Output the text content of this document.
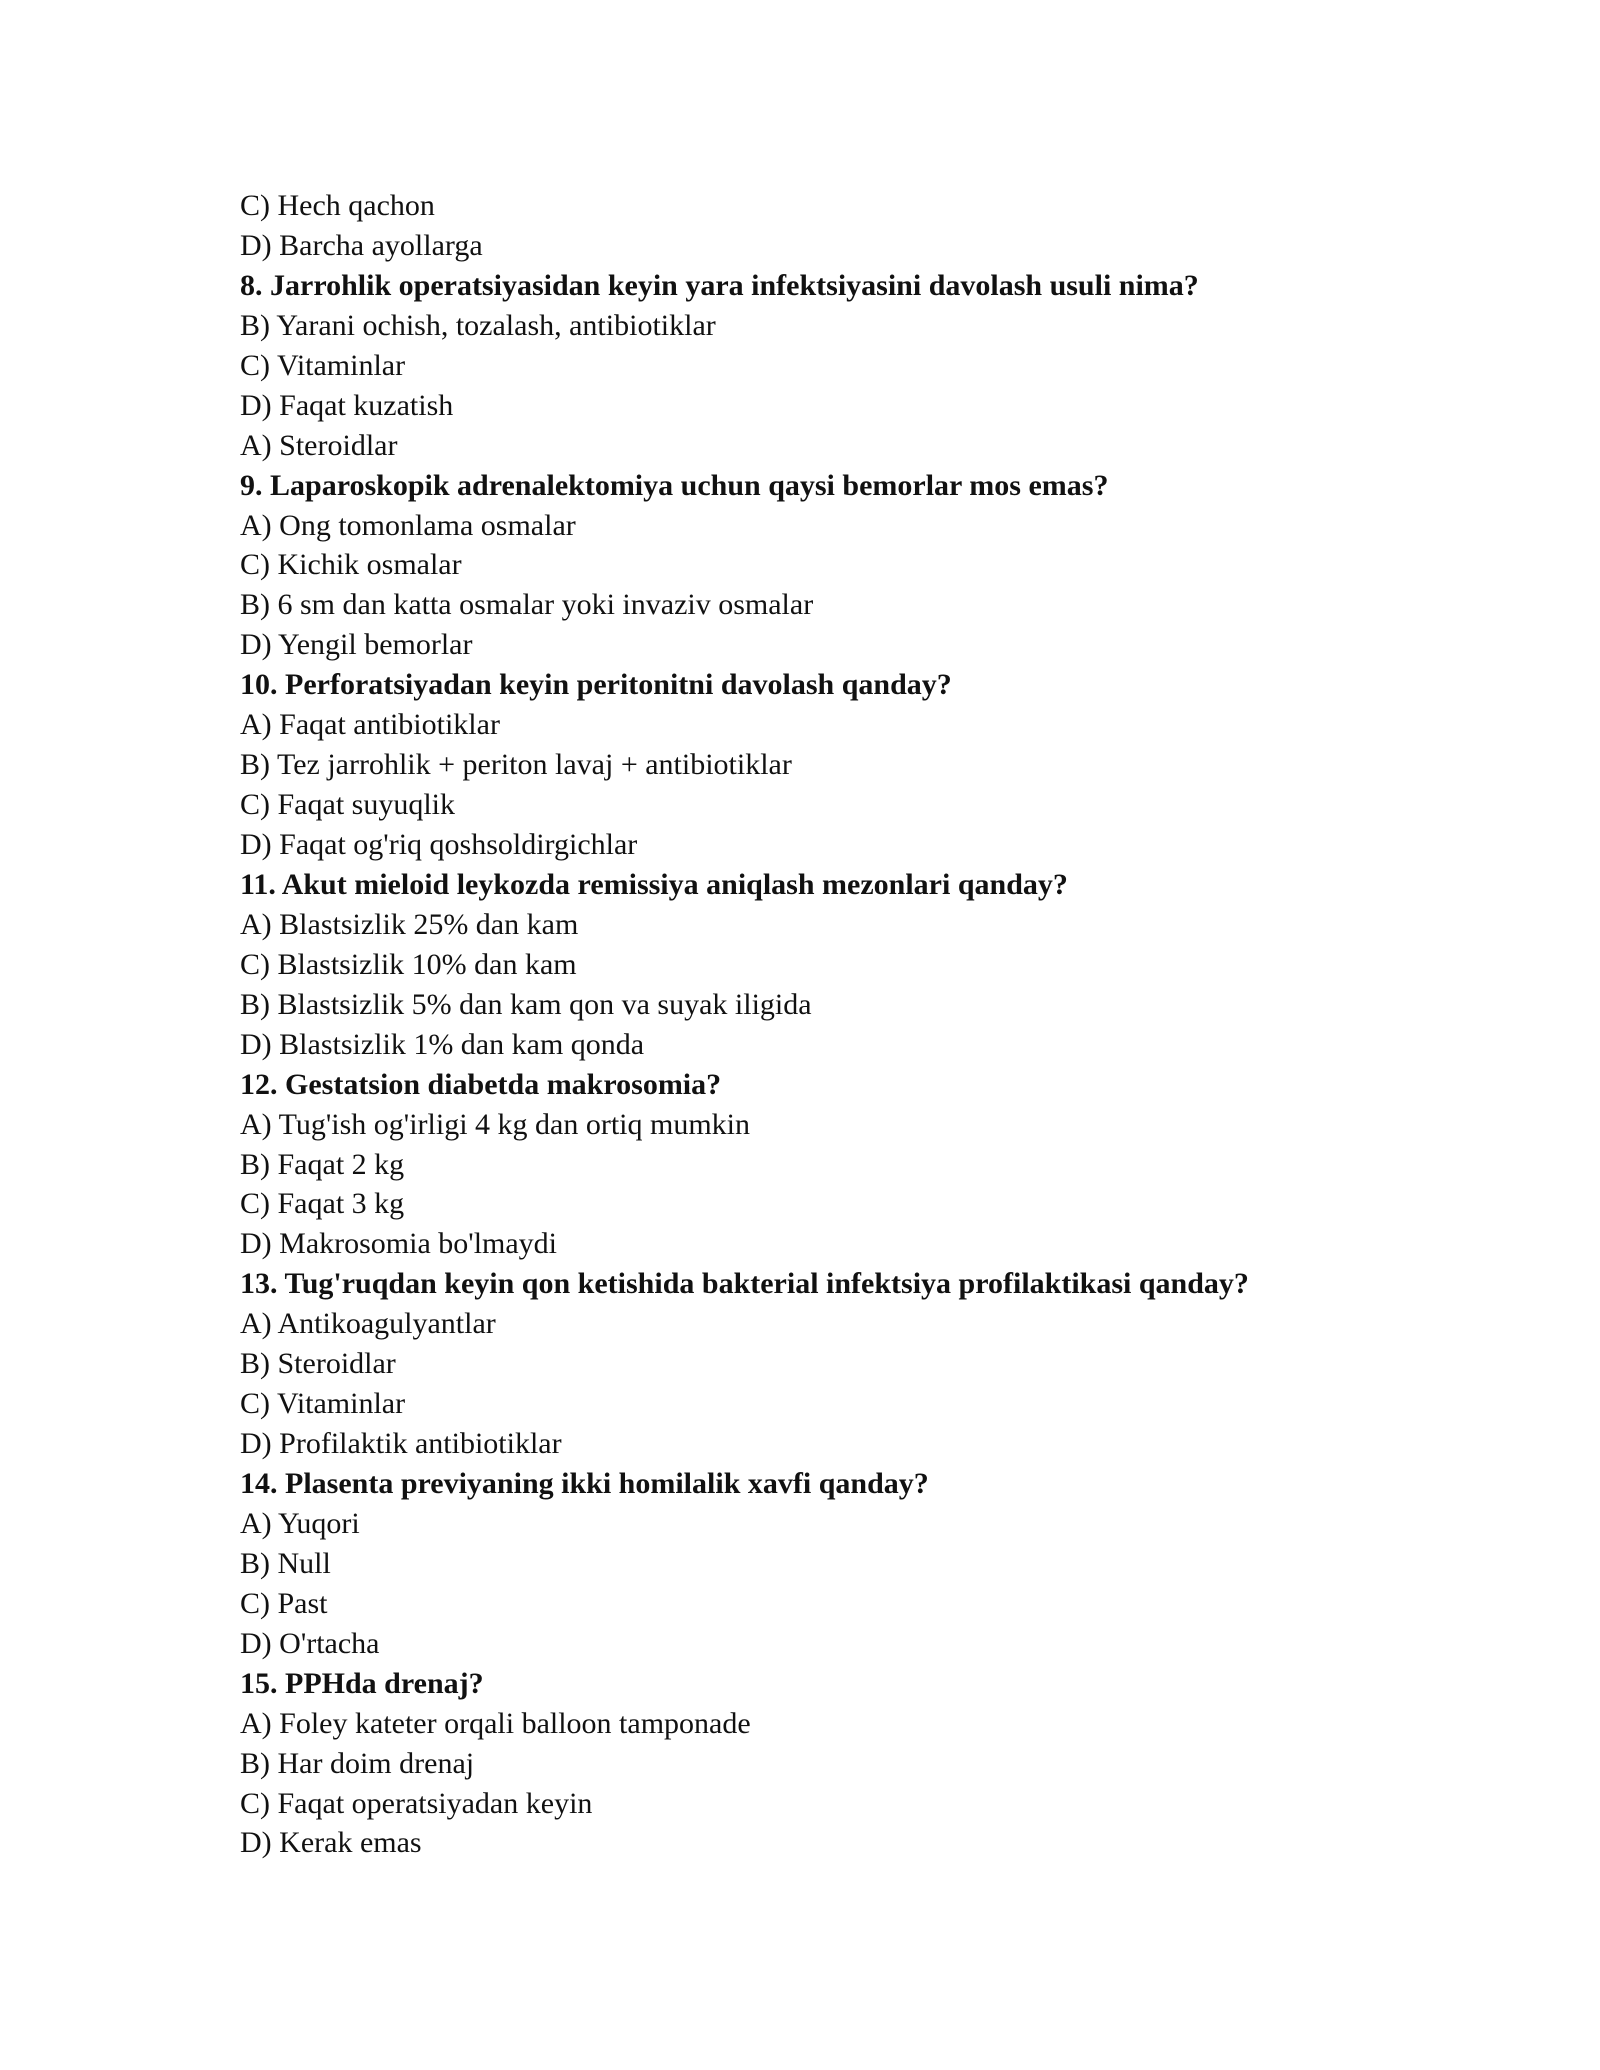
C) Hech qachon
D) Barcha ayollarga
8. Jarrohlik operatsiyasidan keyin yara infektsiyasini davolash usuli nima?
B) Yarani ochish, tozalash, antibiotiklar
C) Vitaminlar
D) Faqat kuzatish
A) Steroidlar
9. Laparoskopik adrenalektomiya uchun qaysi bemorlar mos emas?
A) Ong tomonlama osmalar
C) Kichik osmalar
B) 6 sm dan katta osmalar yoki invaziv osmalar
D) Yengil bemorlar
10. Perforatsiyadan keyin peritonitni davolash qanday?
A) Faqat antibiotiklar
B) Tez jarrohlik + periton lavaj + antibiotiklar
C) Faqat suyuqlik
D) Faqat og'riq qoshsoldirgichlar
11. Akut mieloid leykozda remissiya aniqlash mezonlari qanday?
A) Blastsizlik 25% dan kam
C) Blastsizlik 10% dan kam
B) Blastsizlik 5% dan kam qon va suyak iligida
D) Blastsizlik 1% dan kam qonda
12. Gestatsion diabetda makrosomia?
A) Tug'ish og'irligi 4 kg dan ortiq mumkin
B) Faqat 2 kg
C) Faqat 3 kg
D) Makrosomia bo'lmaydi
13. Tug'ruqdan keyin qon ketishida bakterial infektsiya profilaktikasi qanday?
A) Antikoagulyantlar
B) Steroidlar
C) Vitaminlar
D) Profilaktik antibiotiklar
14. Plasenta previyaning ikki homilalik xavfi qanday?
A) Yuqori
B) Null
C) Past
D) O'rtacha
15. PPHda drenaj?
A) Foley kateter orqali balloon tamponade
B) Har doim drenaj
C) Faqat operatsiyadan keyin
D) Kerak emas
